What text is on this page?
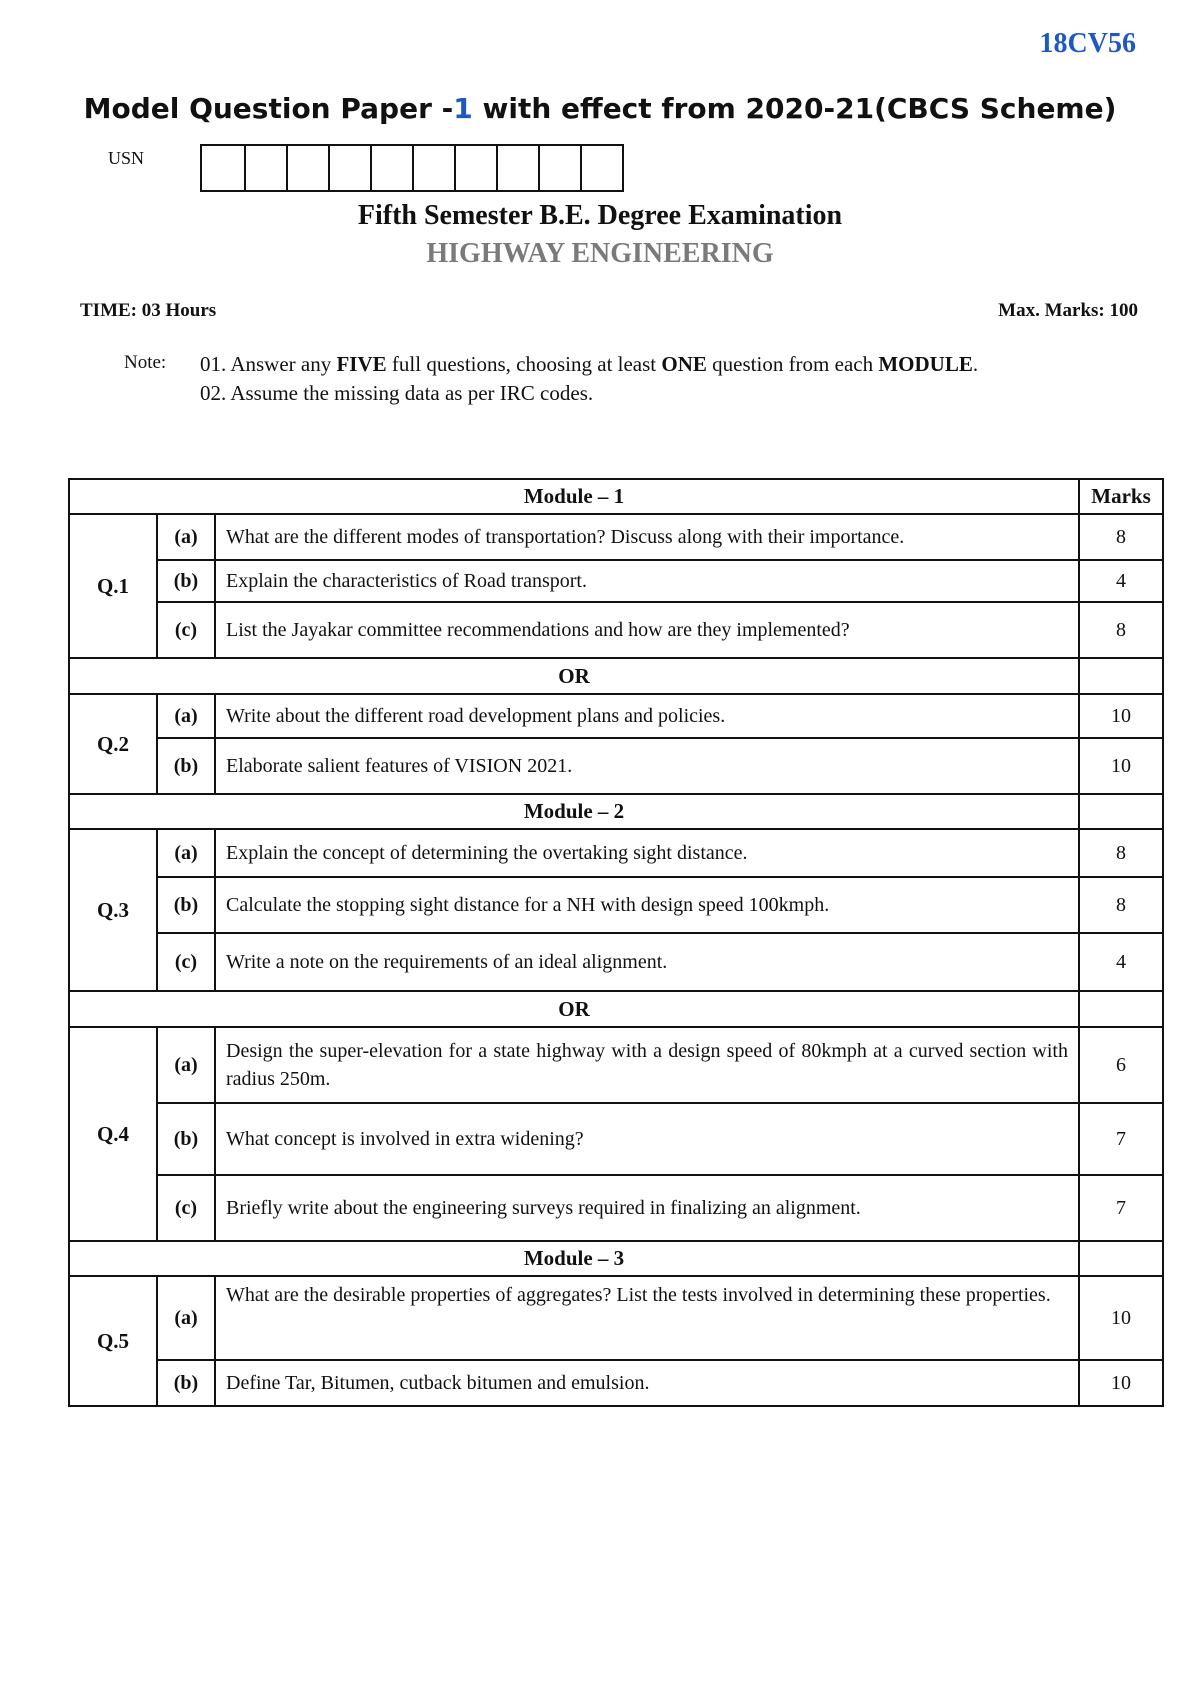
18CV56
Model Question Paper -1 with effect from 2020-21(CBCS Scheme)
USN
Fifth Semester B.E. Degree Examination
HIGHWAY ENGINEERING
TIME: 03 Hours	Max. Marks: 100
Note: 01. Answer any FIVE full questions, choosing at least ONE question from each MODULE.
02. Assume the missing data as per IRC codes.
Module – 1			Marks
Q.1	(a)	What are the different modes of transportation? Discuss along with their importance.	8
	(b)	Explain the characteristics of Road transport.	4
	(c)	List the Jayakar committee recommendations and how are they implemented?	8
OR			
Q.2	(a)	Write about the different road development plans and policies.	10
	(b)	Elaborate salient features of VISION 2021.	10
Module – 2			
Q.3	(a)	Explain the concept of determining the overtaking sight distance.	8
	(b)	Calculate the stopping sight distance for a NH with design speed 100kmph.	8
	(c)	Write a note on the requirements of an ideal alignment.	4
OR			
Q.4	(a)	Design the super-elevation for a state highway with a design speed of 80kmph at a curved section with radius 250m.	6
	(b)	What concept is involved in extra widening?	7
	(c)	Briefly write about the engineering surveys required in finalizing an alignment.	7
Module – 3			
Q.5	(a)	What are the desirable properties of aggregates? List the tests involved in determining these properties.	10
	(b)	Define Tar, Bitumen, cutback bitumen and emulsion.	10
